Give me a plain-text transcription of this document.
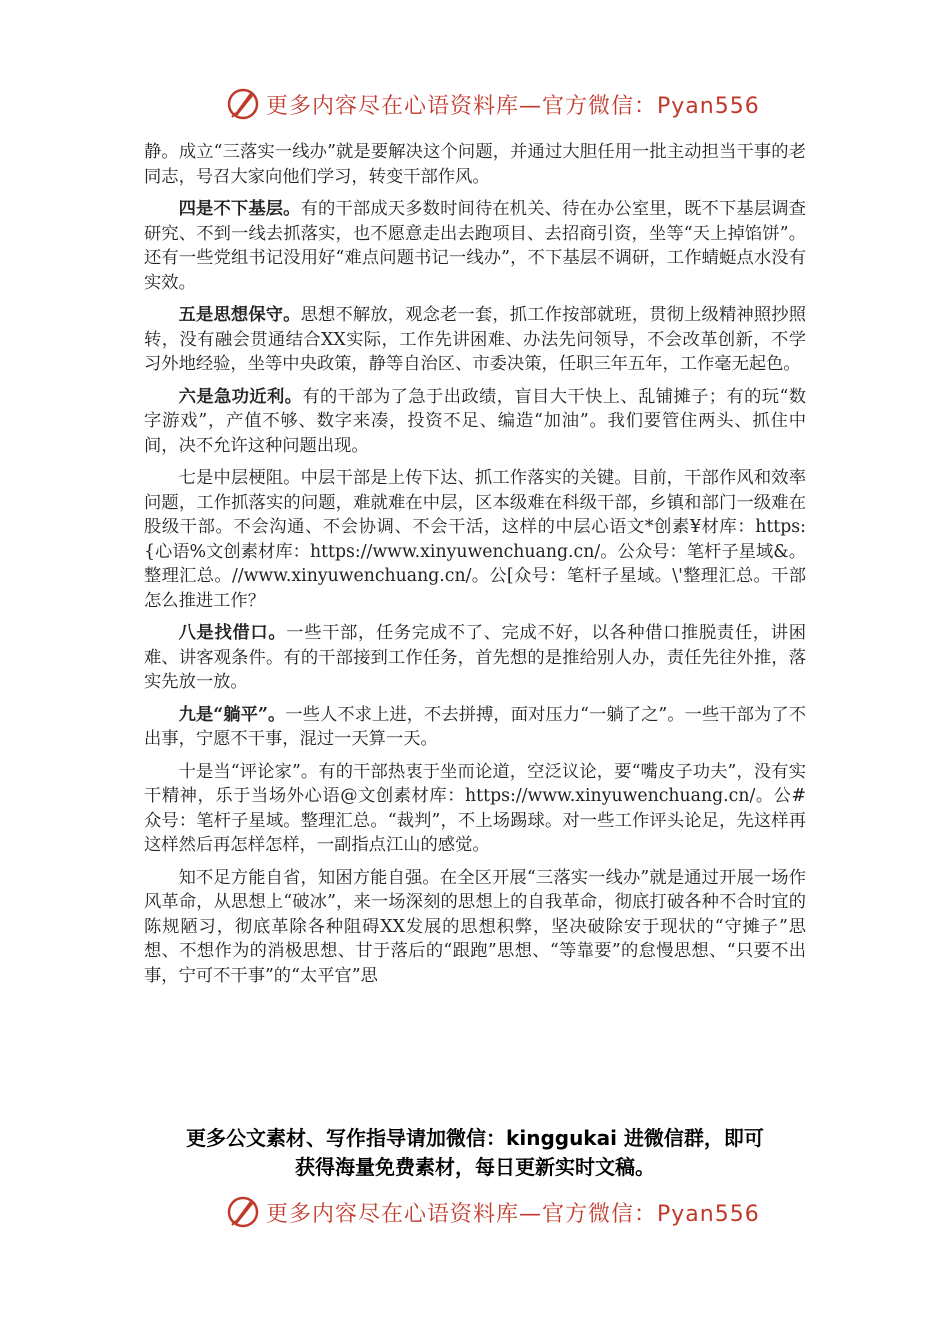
更多内容尽在心语资料库—官方微信：Pyan556

静。成立“三落实一线办”就是要解决这个问题，并通过大胆任用一批主动担当干事的老同志，号召大家向他们学习，转变干部作风。

四是不下基层。有的干部成天多数时间待在机关、待在办公室里，既不下基层调查研究、不到一线去抓落实，也不愿意走出去跑项目、去招商引资，坐等“天上掉馅饼”。还有一些党组书记没用好“难点问题书记一线办”，不下基层不调研，工作蜻蜓点水没有实效。

五是思想保守。思想不解放，观念老一套，抓工作按部就班，贯彻上级精神照抄照转，没有融会贯通结合XX实际，工作先讲困难、办法先问领导，不会改革创新，不学习外地经验，坐等中央政策，静等自治区、市委决策，任职三年五年，工作毫无起色。

六是急功近利。有的干部为了急于出政绩，盲目大干快上、乱铺摊子；有的玩“数字游戏”，产值不够、数字来凑，投资不足、编造“加油”。我们要管住两头、抓住中间，决不允许这种问题出现。

七是中层梗阻。中层干部是上传下达、抓工作落实的关键。目前，干部作风和效率问题，工作抓落实的问题，难就难在中层，区本级难在科级干部，乡镇和部门一级难在股级干部。不会沟通、不会协调、不会干活，这样的中层心语文*创素¥材库：https:{心语%文创素材库：https://www.xinyuwenchuang.cn/。公众号：笔杆子星域&。整理汇总。//www.xinyuwenchuang.cn/。公[众号：笔杆子星域。\'整理汇总。干部怎么推进工作？

八是找借口。一些干部，任务完成不了、完成不好，以各种借口推脱责任，讲困难、讲客观条件。有的干部接到工作任务，首先想的是推给别人办，责任先往外推，落实先放一放。

九是“躺平”。一些人不求上进，不去拼搏，面对压力“一躺了之”。一些干部为了不出事，宁愿不干事，混过一天算一天。

十是当“评论家”。有的干部热衷于坐而论道，空泛议论，要“嘴皮子功夫”，没有实干精神，乐于当场外心语@文创素材库：https://www.xinyuwenchuang.cn/。公#众号：笔杆子星域。整理汇总。“裁判”，不上场踢球。对一些工作评头论足，先这样再这样然后再怎样怎样，一副指点江山的感觉。

知不足方能自省，知困方能自强。在全区开展“三落实一线办”就是通过开展一场作风革命，从思想上“破冰”，来一场深刻的思想上的自我革命，彻底打破各种不合时宜的陈规陋习，彻底革除各种阻碍XX发展的思想积弊，坚决破除安于现状的“守摊子”思想、不想作为的消极思想、甘于落后的“跟跑”思想、“等靠要”的怠慢思想、“只要不出事，宁可不干事”的“太平官”思

更多公文素材、写作指导请加微信：kinggukai 进微信群，即可
获得海量免费素材，每日更新实时文稿。
更多内容尽在心语资料库—官方微信：Pyan556
